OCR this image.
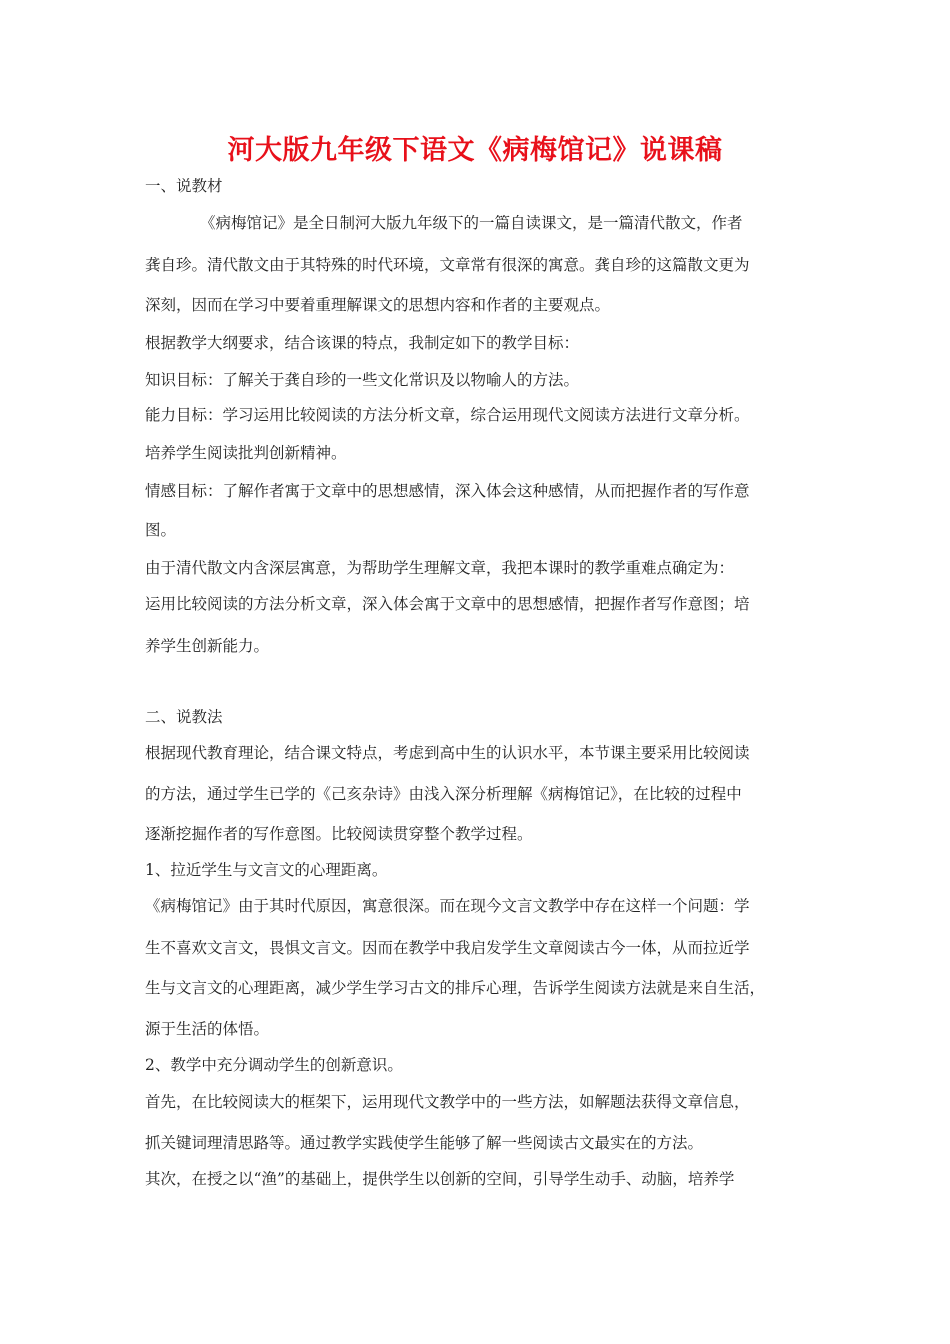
河大版九年级下语文《病梅馆记》说课稿
一、说教材
《病梅馆记》是全日制河大版九年级下的一篇自读课文，是一篇清代散文，作者
龚自珍。清代散文由于其特殊的时代环境，文章常有很深的寓意。龚自珍的这篇散文更为
深刻，因而在学习中要着重理解课文的思想内容和作者的主要观点。
根据教学大纲要求，结合该课的特点，我制定如下的教学目标：
知识目标：了解关于龚自珍的一些文化常识及以物喻人的方法。
能力目标：学习运用比较阅读的方法分析文章，综合运用现代文阅读方法进行文章分析。
培养学生阅读批判创新精神。
情感目标：了解作者寓于文章中的思想感情，深入体会这种感情，从而把握作者的写作意
图。
由于清代散文内含深层寓意，为帮助学生理解文章，我把本课时的教学重难点确定为：
运用比较阅读的方法分析文章，深入体会寓于文章中的思想感情，把握作者写作意图；培
养学生创新能力。
二、说教法
根据现代教育理论，结合课文特点，考虑到高中生的认识水平，本节课主要采用比较阅读
的方法，通过学生已学的《己亥杂诗》由浅入深分析理解《病梅馆记》，在比较的过程中
逐渐挖掘作者的写作意图。比较阅读贯穿整个教学过程。
1、拉近学生与文言文的心理距离。
《病梅馆记》由于其时代原因，寓意很深。而在现今文言文教学中存在这样一个问题：学
生不喜欢文言文，畏惧文言文。因而在教学中我启发学生文章阅读古今一体，从而拉近学
生与文言文的心理距离，减少学生学习古文的排斥心理，告诉学生阅读方法就是来自生活，
源于生活的体悟。
2、教学中充分调动学生的创新意识。
首先，在比较阅读大的框架下，运用现代文教学中的一些方法，如解题法获得文章信息，
抓关键词理清思路等。通过教学实践使学生能够了解一些阅读古文最实在的方法。
其次，在授之以“渔”的基础上，提供学生以创新的空间，引导学生动手、动脑，培养学
